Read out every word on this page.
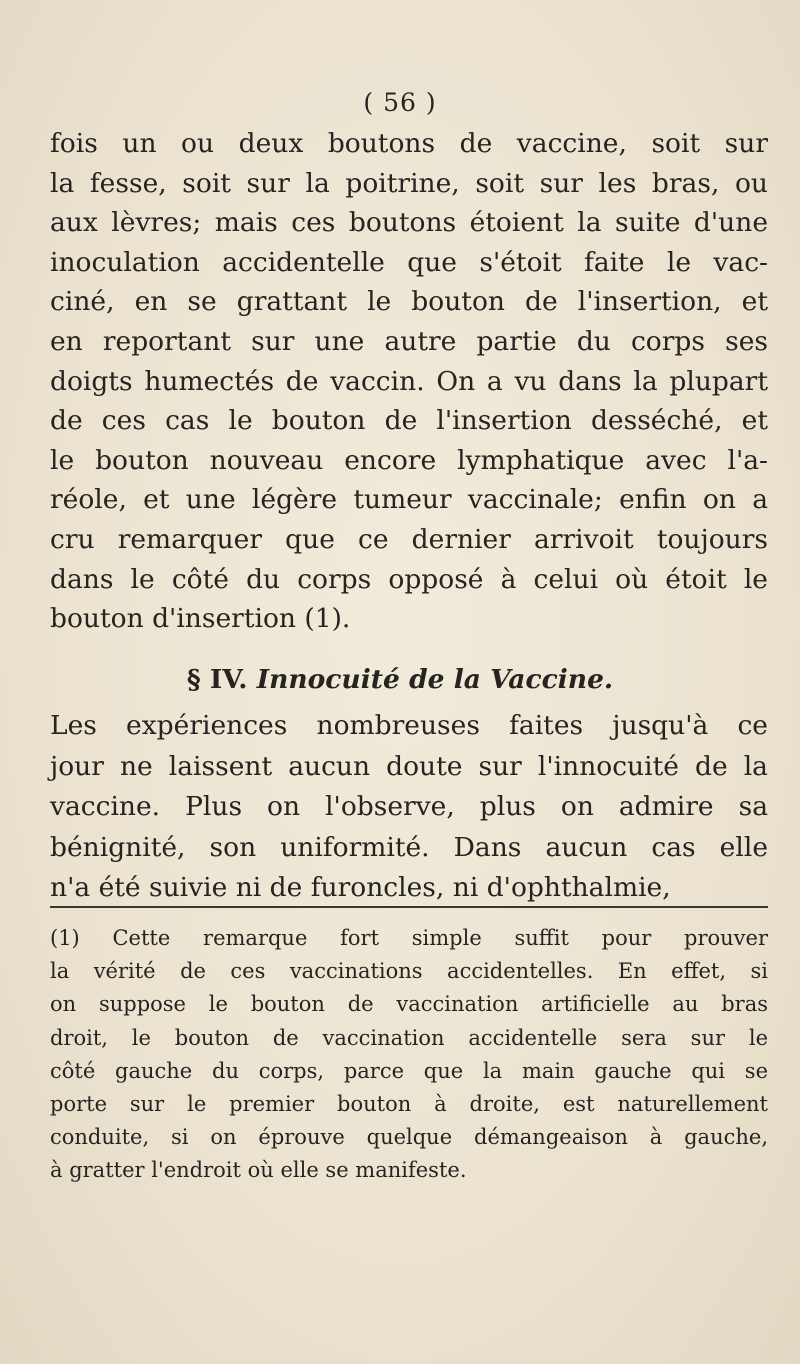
( 56 )

fois un ou deux boutons de vaccine, soit sur
la fesse, soit sur la poitrine, soit sur les bras, ou
aux lèvres; mais ces boutons étoient la suite d'une
inoculation accidentelle que s'étoit faite le vac-
ciné, en se grattant le bouton de l'insertion, et
en reportant sur une autre partie du corps ses
doigts humectés de vaccin. On a vu dans la plupart
de ces cas le bouton de l'insertion desséché, et
le bouton nouveau encore lymphatique avec l'a-
réole, et une légère tumeur vaccinale; enfin on a
cru remarquer que ce dernier arrivoit toujours
dans le côté du corps opposé à celui où étoit le
bouton d'insertion (1).
§ IV. Innocuité de la Vaccine.
Les expériences nombreuses faites jusqu'à ce
jour ne laissent aucun doute sur l'innocuité de la
vaccine. Plus on l'observe, plus on admire sa
bénignité, son uniformité. Dans aucun cas elle
n'a été suivie ni de furoncles, ni d'ophthalmie,
(1) Cette remarque fort simple suffit pour prouver
la vérité de ces vaccinations accidentelles. En effet, si
on suppose le bouton de vaccination artificielle au bras
droit, le bouton de vaccination accidentelle sera sur le
côté gauche du corps, parce que la main gauche qui se
porte sur le premier bouton à droite, est naturellement
conduite, si on éprouve quelque démangeaison à gauche,
à gratter l'endroit où elle se manifeste.
